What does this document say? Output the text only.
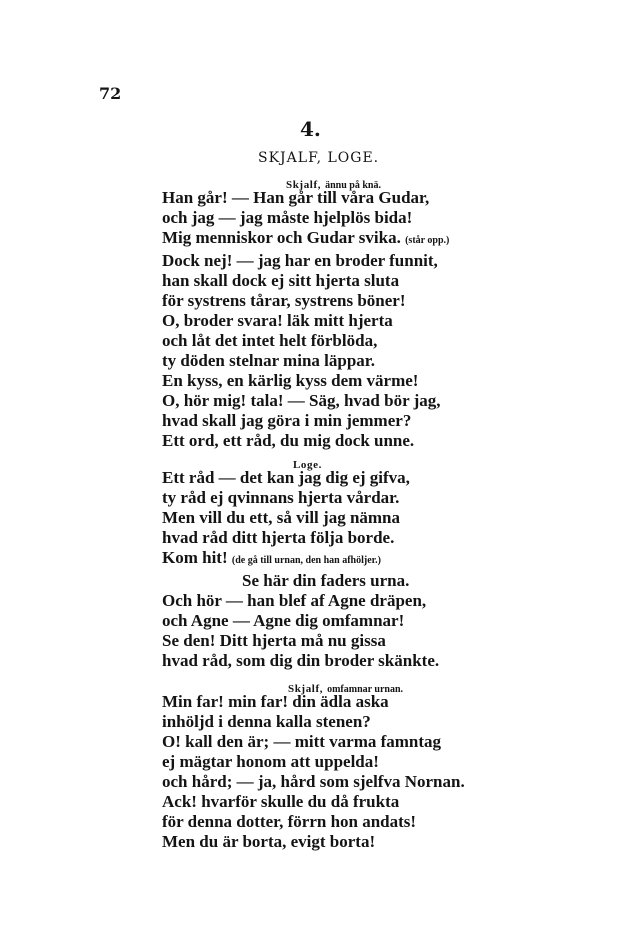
72
4.
SKJALF, LOGE.
Skjalf, ännu på knä.
Han går! — Han går till våra Gudar,
och jag — jag måste hjelplös bida!
Mig menniskor och Gudar svika. (står opp.)
Dock nej! — jag har en broder funnit,
han skall dock ej sitt hjerta sluta
för systrens tårar, systrens böner!
O, broder svara! läk mitt hjerta
och låt det intet helt förblöda,
ty döden stelnar mina läppar.
En kyss, en kärlig kyss dem värme!
O, hör mig! tala! — Säg, hvad bör jag,
hvad skall jag göra i min jemmer?
Ett ord, ett råd, du mig dock unne.
Loge.
Ett råd — det kan jag dig ej gifva,
ty råd ej qvinnans hjerta vårdar.
Men vill du ett, så vill jag nämna
hvad råd ditt hjerta följa borde.
Kom hit! (de gå till urnan, den han afhöljer.)
Se här din faders urna.
Och hör — han blef af Agne dräpen,
och Agne — Agne dig omfamnar!
Se den! Ditt hjerta må nu gissa
hvad råd, som dig din broder skänkte.
Skjalf, omfamnar urnan.
Min far! min far! din ädla aska
inhöljd i denna kalla stenen?
O! kall den är; — mitt varma famntag
ej mägtar honom att uppelda!
och hård; — ja, hård som sjelfva Nornan.
Ack! hvarför skulle du då frukta
för denna dotter, förrn hon andats!
Men du är borta, evigt borta!
